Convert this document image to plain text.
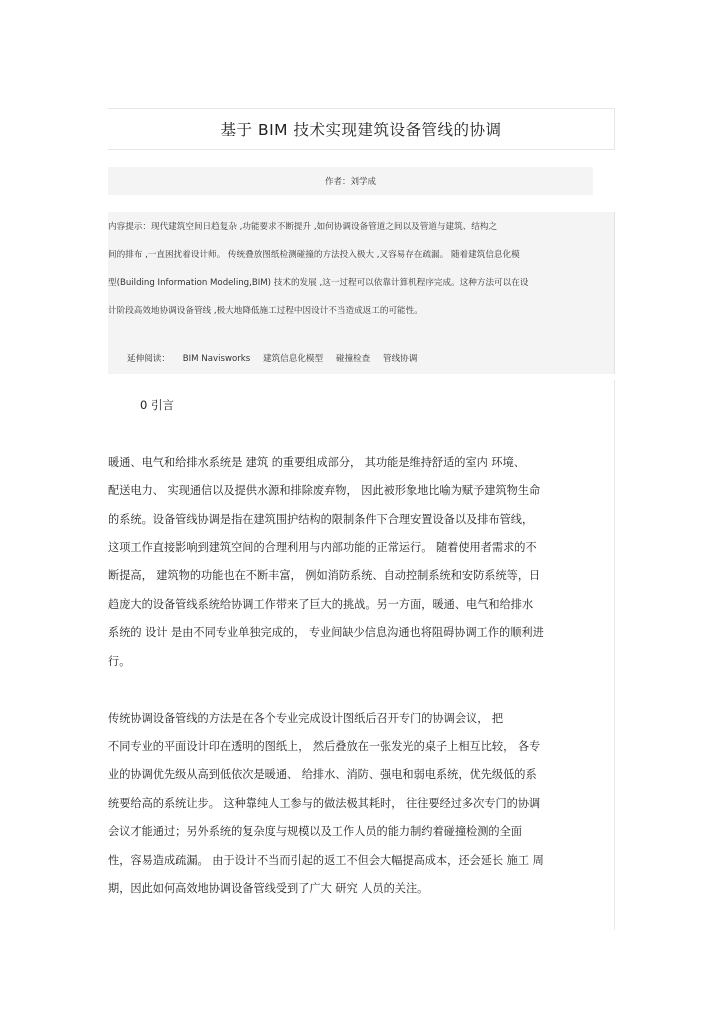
基于 BIM 技术实现建筑设备管线的协调
作者：刘学成
内容提示：现代建筑空间日趋复杂 ,功能要求不断提升 ,如何协调设备管道之间以及管道与建筑、结构之
间的排布 ,一直困扰着设计师。 传统叠放图纸检测碰撞的方法投入极大 ,又容易存在疏漏。 随着建筑信息化模
型(Building Information Modeling,BIM) 技术的发展 ,这一过程可以依靠计算机程序完成。这种方法可以在设
计阶段高效地协调设备管线 ,极大地降低施工过程中因设计不当造成返工的可能性。
延伸阅读： BIM Navisworks 建筑信息化模型 碰撞检查 管线协调
0 引言
暖通、电气和给排水系统是 建筑 的重要组成部分， 其功能是维持舒适的室内 环境、
配送电力、 实现通信以及提供水源和排除废弃物， 因此被形象地比喻为赋予建筑物生命
的系统。设备管线协调是指在建筑围护结构的限制条件下合理安置设备以及排布管线，
这项工作直接影响到建筑空间的合理利用与内部功能的正常运行。 随着使用者需求的不
断提高， 建筑物的功能也在不断丰富， 例如消防系统、自动控制系统和安防系统等，日
趋庞大的设备管线系统给协调工作带来了巨大的挑战。另一方面，暖通、电气和给排水
系统的 设计 是由不同专业单独完成的， 专业间缺少信息沟通也将阻碍协调工作的顺利进
行。
传统协调设备管线的方法是在各个专业完成设计图纸后召开专门的协调会议， 把
不同专业的平面设计印在透明的图纸上， 然后叠放在一张发光的桌子上相互比较， 各专
业的协调优先级从高到低依次是暖通、 给排水、消防、强电和弱电系统，优先级低的系
统要给高的系统让步。 这种靠纯人工参与的做法极其耗时， 往往要经过多次专门的协调
会议才能通过；另外系统的复杂度与规模以及工作人员的能力制约着碰撞检测的全面
性，容易造成疏漏。 由于设计不当而引起的返工不但会大幅提高成本，还会延长 施工 周
期，因此如何高效地协调设备管线受到了广大 研究 人员的关注。
